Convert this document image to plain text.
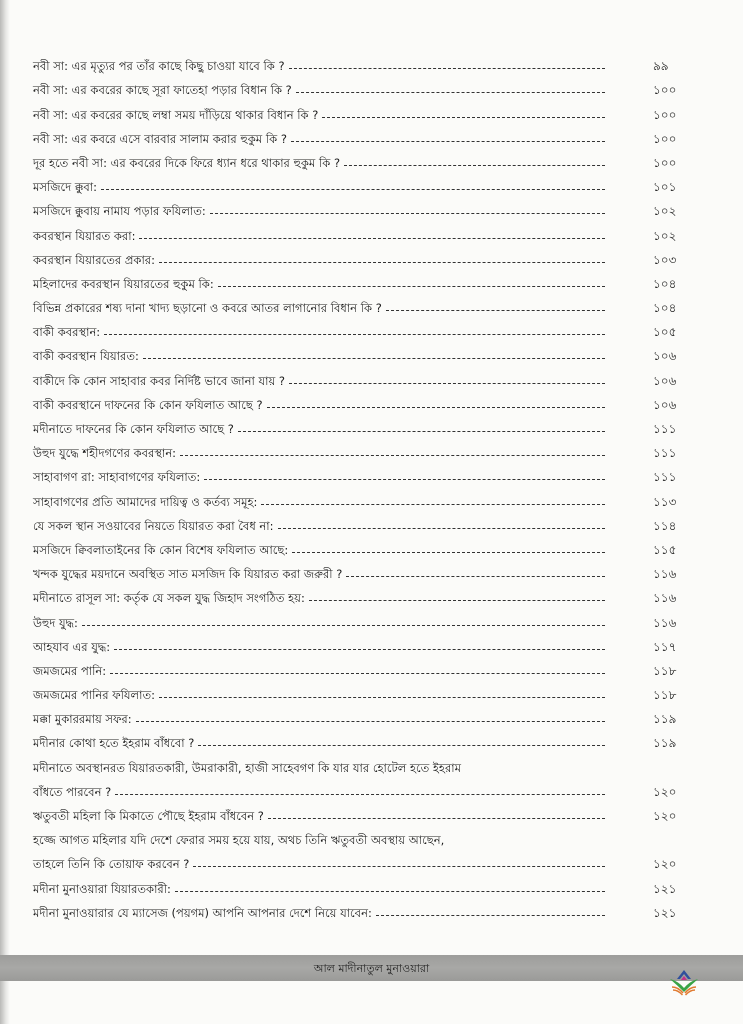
নবী সা: এর মৃত্যুর পর তাঁর কাছে কিছু চাওয়া যাবে কি ?	৯৯
নবী সা: এর কবরের কাছে সূরা ফাতেহা পড়ার বিধান কি ?	১০০
নবী সা: এর কবরের কাছে লম্বা সময় দাঁড়িয়ে থাকার বিধান কি ?	১০০
নবী সা: এর কবরে এসে বারবার সালাম করার হুকুম কি ?	১০০
দূর হতে নবী সা: এর কবরের দিকে ফিরে ধ্যান ধরে থাকার হুকুম কি ?	১০০
মসজিদে ক্কুবা:	১০১
মসজিদে ক্কুবায় নামায পড়ার ফযিলাত:	১০২
কবরস্থান যিয়ারত করা:	১০২
কবরস্থান যিয়ারতের প্রকার:	১০৩
মহিলাদের কবরস্থান যিয়ারতের হুকুম কি:	১০৪
বিভিন্ন প্রকারের শষ্য দানা খাদ্য ছড়ানো ও কবরে আতর লাগানোর বিধান কি ?	১০৪
বাকী কবরস্থান:	১০৫
বাকী কবরস্থান যিয়ারত:	১০৬
বাকীদে কি কোন সাহাবার কবর নির্দিষ্ট ভাবে জানা যায় ?	১০৬
বাকী কবরস্থানে দাফনের কি কোন ফযিলাত আছে ?	১০৬
মদীনাতে দাফনের কি কোন ফযিলাত আছে ?	১১১
উহুদ যুদ্ধে শহীদগণের কবরস্থান:	১১১
সাহাবাগণ রা: সাহাবাগণের ফযিলাত:	১১১
সাহাবাগণের প্রতি আমাদের দায়িত্ব ও কর্তব্য সমূহ:	১১৩
যে সকল স্থান সওয়াবের নিয়তে যিয়ারত করা বৈধ না:	১১৪
মসজিদে ক্বিবলাতাইনের কি কোন বিশেষ ফযিলাত আছে:	১১৫
খন্দক যুদ্ধের ময়দানে অবস্থিত সাত মসজিদ কি যিয়ারত করা জরুরী ?	১১৬
মদীনাতে রাসূল সা: কর্তৃক যে সকল যুদ্ধ জিহাদ সংগঠিত হয়:	১১৬
উহুদ যুদ্ধ:	১১৬
আহযাব এর যুদ্ধ:	১১৭
জমজমের পানি:	১১৮
জমজমের পানির ফযিলাত:	১১৮
মক্কা মুকাররমায় সফর:	১১৯
মদীনার কোথা হতে ইহরাম বাঁধবো ?	১১৯
মদীনাতে অবস্থানরত যিয়ারতকারী, উমরাকারী, হাজী সাহেবগণ কি যার যার হোটেল হতে ইহরাম
বাঁধতে পারবেন ?	১২০
ঋতুবতী মহিলা কি মিকাতে পৌছে ইহরাম বাঁধবেন ?	১২০
হজ্জে আগত মহিলার যদি দেশে ফেরার সময় হয়ে যায়, অথচ তিনি ঋতুবতী অবস্থায় আছেন,
তাহলে তিনি কি তোয়াফ করবেন ?	১২০
মদীনা মুনাওয়ারা যিয়ারতকারী:	১২১
মদীনা মুনাওয়ারার যে ম্যাসেজ (পয়গম) আপনি আপনার দেশে নিয়ে যাবেন:	১২১
আল মাদীনাতুল মুনাওয়ারা
